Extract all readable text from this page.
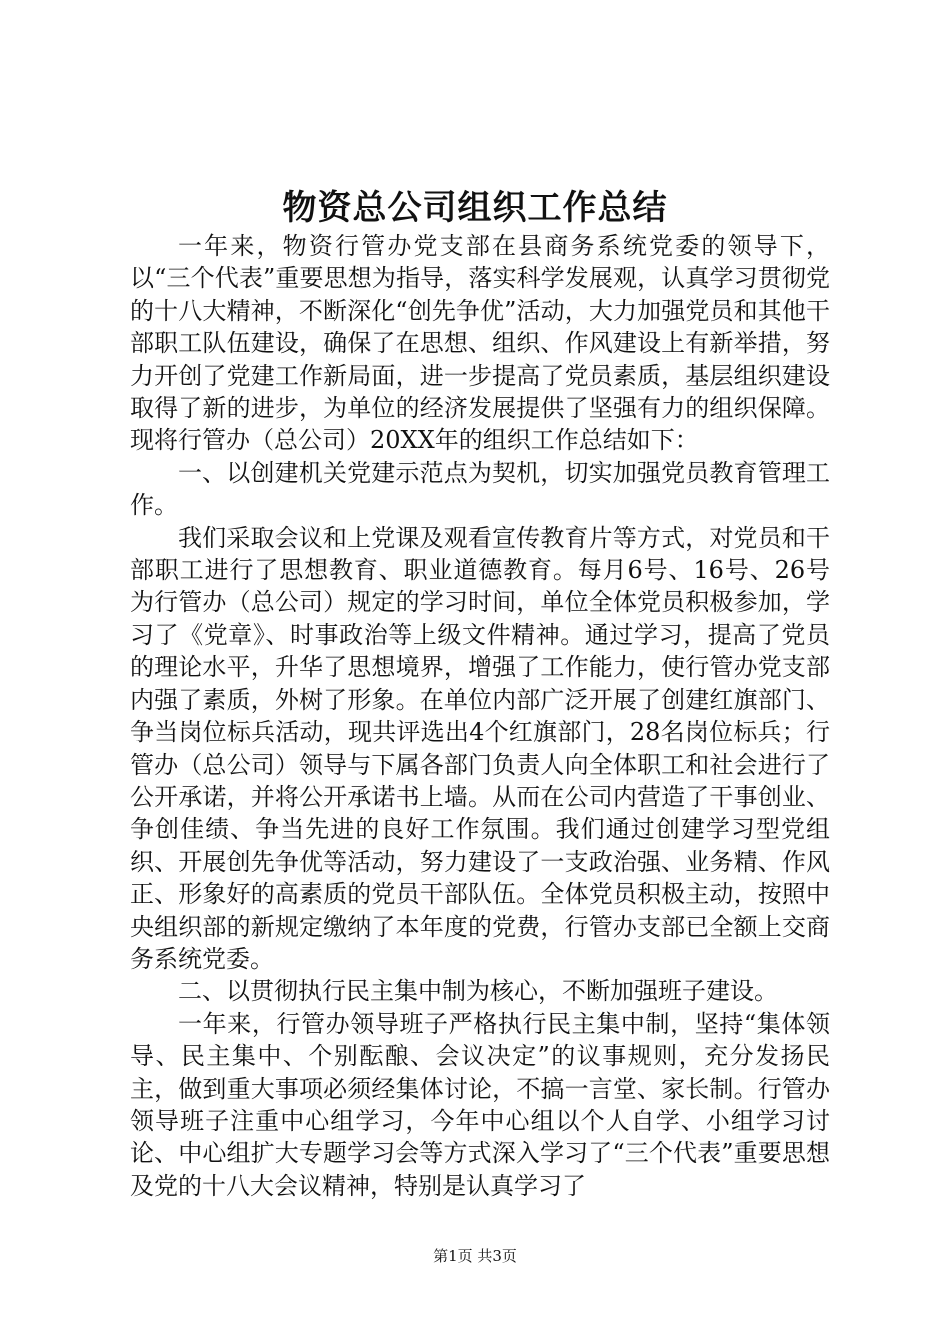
物资总公司组织工作总结

一年来，物资行管办党支部在县商务系统党委的领导下，以“三个代表”重要思想为指导，落实科学发展观，认真学习贯彻党的十八大精神，不断深化“创先争优”活动，大力加强党员和其他干部职工队伍建设，确保了在思想、组织、作风建设上有新举措，努力开创了党建工作新局面，进一步提高了党员素质，基层组织建设取得了新的进步，为单位的经济发展提供了坚强有力的组织保障。现将行管办（总公司）20XX年的组织工作总结如下：

一、以创建机关党建示范点为契机，切实加强党员教育管理工作。

我们采取会议和上党课及观看宣传教育片等方式，对党员和干部职工进行了思想教育、职业道德教育。每月6号、16号、26号为行管办（总公司）规定的学习时间，单位全体党员积极参加，学习了《党章》、时事政治等上级文件精神。通过学习，提高了党员的理论水平，升华了思想境界，增强了工作能力，使行管办党支部内强了素质，外树了形象。在单位内部广泛开展了创建红旗部门、争当岗位标兵活动，现共评选出4个红旗部门，28名岗位标兵；行管办（总公司）领导与下属各部门负责人向全体职工和社会进行了公开承诺，并将公开承诺书上墙。从而在公司内营造了干事创业、争创佳绩、争当先进的良好工作氛围。我们通过创建学习型党组织、开展创先争优等活动，努力建设了一支政治强、业务精、作风正、形象好的高素质的党员干部队伍。全体党员积极主动，按照中央组织部的新规定缴纳了本年度的党费，行管办支部已全额上交商务系统党委。

二、以贯彻执行民主集中制为核心，不断加强班子建设。

一年来，行管办领导班子严格执行民主集中制，坚持“集体领导、民主集中、个别酝酿、会议决定”的议事规则，充分发扬民主，做到重大事项必须经集体讨论，不搞一言堂、家长制。行管办领导班子注重中心组学习，今年中心组以个人自学、小组学习讨论、中心组扩大专题学习会等方式深入学习了“三个代表”重要思想及党的十八大会议精神，特别是认真学习了

第1页 共3页
